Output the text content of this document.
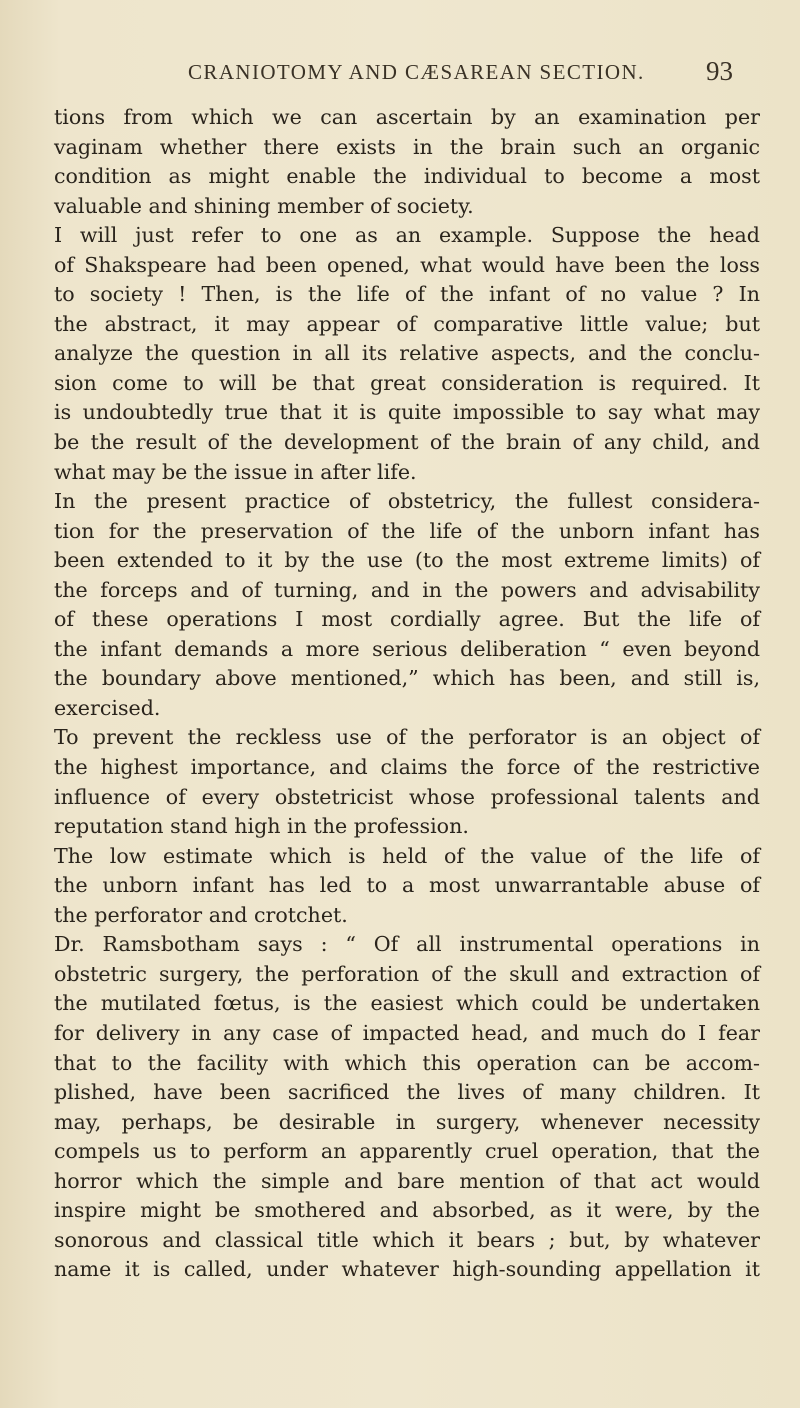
CRANIOTOMY AND CÆSAREAN SECTION.	93
tions from which we can ascertain by an examination per
vaginam whether there exists in the brain such an organic
condition as might enable the individual to become a most
valuable and shining member of society.
I will just refer to one as an example. Suppose the head
of Shakspeare had been opened, what would have been the loss
to society ! Then, is the life of the infant of no value ? In
the abstract, it may appear of comparative little value; but
analyze the question in all its relative aspects, and the conclu-
sion come to will be that great consideration is required. It
is undoubtedly true that it is quite impossible to say what may
be the result of the development of the brain of any child, and
what may be the issue in after life.
In the present practice of obstetricy, the fullest considera-
tion for the preservation of the life of the unborn infant has
been extended to it by the use (to the most extreme limits) of
the forceps and of turning, and in the powers and advisability
of these operations I most cordially agree. But the life of
the infant demands a more serious deliberation “ even beyond
the boundary above mentioned,” which has been, and still is,
exercised.
To prevent the reckless use of the perforator is an object of
the highest importance, and claims the force of the restrictive
influence of every obstetricist whose professional talents and
reputation stand high in the profession.
The low estimate which is held of the value of the life of
the unborn infant has led to a most unwarrantable abuse of
the perforator and crotchet.
Dr. Ramsbotham says : “ Of all instrumental operations in
obstetric surgery, the perforation of the skull and extraction of
the mutilated fœtus, is the easiest which could be undertaken
for delivery in any case of impacted head, and much do I fear
that to the facility with which this operation can be accom-
plished, have been sacrificed the lives of many children. It
may, perhaps, be desirable in surgery, whenever necessity
compels us to perform an apparently cruel operation, that the
horror which the simple and bare mention of that act would
inspire might be smothered and absorbed, as it were, by the
sonorous and classical title which it bears ; but, by whatever
name it is called, under whatever high-sounding appellation it
